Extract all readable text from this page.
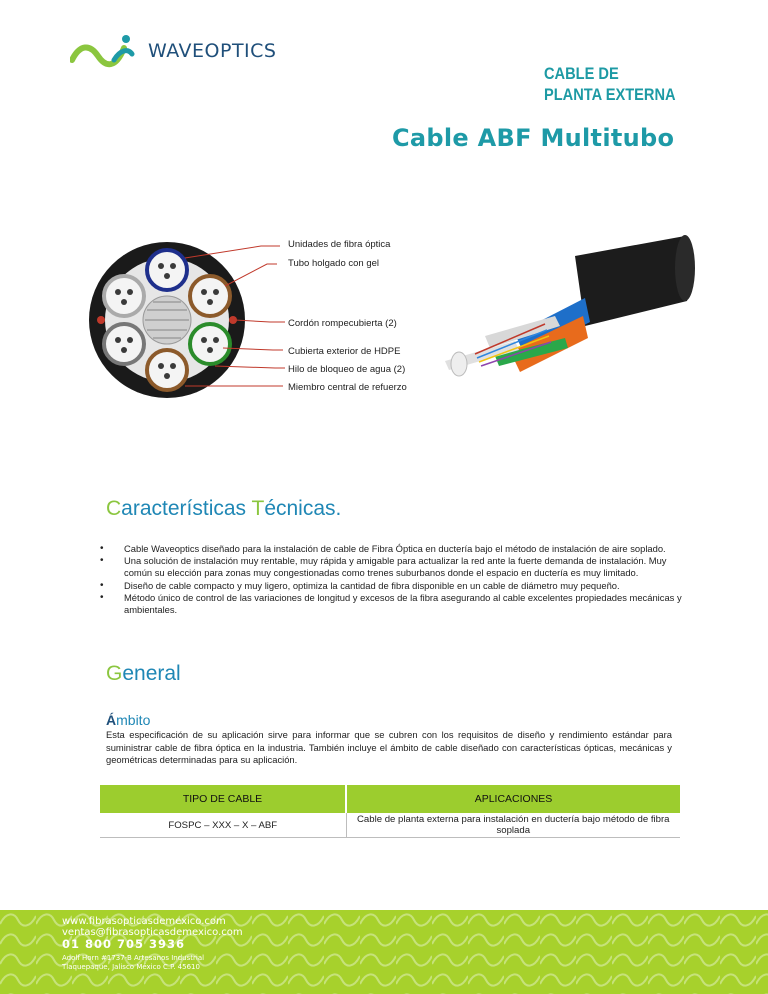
WAVEOPTICS
CABLE DE
PLANTA EXTERNA
Cable ABF Multitubo
Unidades de fibra óptica
Tubo holgado con gel
Cordón rompecubierta (2)
Cubierta exterior de HDPE
Hilo de bloqueo de agua (2)
Miembro central de refuerzo
Características Técnicas.
• Cable Waveoptics diseñado para la instalación de cable de Fibra Óptica en ductería bajo el método de instalación de aire soplado.
• Una solución de instalación muy rentable, muy rápida y amigable para actualizar la red ante la fuerte demanda de instalación. Muy común su elección para zonas muy congestionadas como trenes suburbanos donde el espacio en ductería es muy limitado.
• Diseño de cable compacto y muy ligero, optimiza la cantidad de fibra disponible en un cable de diámetro muy pequeño.
• Método único de control de las variaciones de longitud y excesos de la fibra asegurando al cable excelentes propiedades mecánicas y ambientales.
General
Ámbito
Esta especificación de su aplicación sirve para informar que se cubren con los requisitos de diseño y rendimiento estándar para suministrar cable de fibra óptica en la industria. También incluye el ámbito de cable diseñado con características ópticas, mecánicas y geométricas determinadas para su aplicación.
TIPO DE CABLE	APLICACIONES
FOSPC – XXX – X – ABF	Cable de planta externa para instalación en ductería bajo método de fibra soplada
www.fibrasopticasdemexico.com
ventas@fibrasopticasdemexico.com
01 800 705 3936
Adolf Horn #1737-B Artesanos Industrial
Tlaquepaque, Jalisco México C.P. 45610
